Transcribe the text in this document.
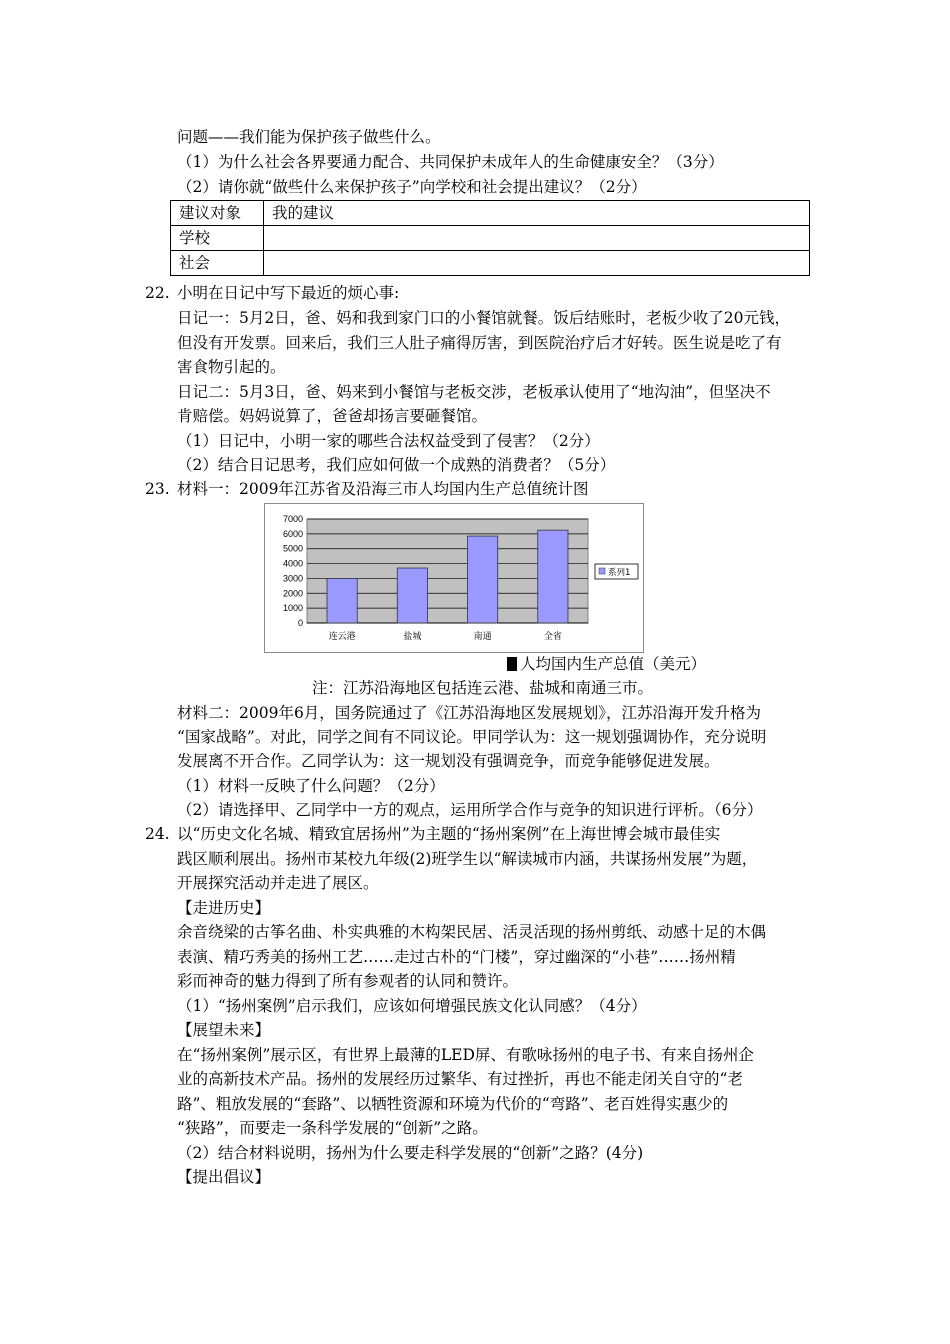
问题——我们能为保护孩子做些什么。
（1）为什么社会各界要通力配合、共同保护未成年人的生命健康安全？（3分）
（2）请你就“做些什么来保护孩子”向学校和社会提出建议？（2分）
建议对象	我的建议
学校	
社会	
22. 小明在日记中写下最近的烦心事:
日记一：5月2日，爸、妈和我到家门口的小餐馆就餐。饭后结账时，老板少收了20元钱，
但没有开发票。回来后，我们三人肚子痛得厉害，到医院治疗后才好转。医生说是吃了有
害食物引起的。
日记二：5月3日，爸、妈来到小餐馆与老板交涉，老板承认使用了“地沟油”，但坚决不
肯赔偿。妈妈说算了，爸爸却扬言要砸餐馆。
（1）日记中，小明一家的哪些合法权益受到了侵害？（2分）
（2）结合日记思考，我们应如何做一个成熟的消费者？（5分）
23. 材料一：2009年江苏省及沿海三市人均国内生产总值统计图
0
1000
2000
3000
4000
5000
6000
7000
连云港	盐城	南通	全省
系列1
人均国内生产总值（美元）
注：江苏沿海地区包括连云港、盐城和南通三市。
材料二：2009年6月，国务院通过了《江苏沿海地区发展规划》，江苏沿海开发升格为
“国家战略”。对此，同学之间有不同议论。甲同学认为：这一规划强调协作，充分说明
发展离不开合作。乙同学认为：这一规划没有强调竞争，而竞争能够促进发展。
（1）材料一反映了什么问题？（2分）
（2）请选择甲、乙同学中一方的观点，运用所学合作与竞争的知识进行评析。（6分）
24. 以“历史文化名城、精致宜居扬州”为主题的“扬州案例”在上海世博会城市最佳实
践区顺利展出。扬州市某校九年级(2)班学生以“解读城市内涵，共谋扬州发展”为题，
开展探究活动并走进了展区。
【走进历史】
余音绕梁的古筝名曲、朴实典雅的木构架民居、活灵活现的扬州剪纸、动感十足的木偶
表演、精巧秀美的扬州工艺……走过古朴的“门楼”，穿过幽深的“小巷”……扬州精
彩而神奇的魅力得到了所有参观者的认同和赞许。
（1）“扬州案例”启示我们，应该如何增强民族文化认同感？（4分）
【展望未来】
在“扬州案例”展示区，有世界上最薄的LED屏、有歌咏扬州的电子书、有来自扬州企
业的高新技术产品。扬州的发展经历过繁华、有过挫折，再也不能走闭关自守的“老
路”、粗放发展的“套路”、以牺牲资源和环境为代价的“弯路”、老百姓得实惠少的
“狭路”，而要走一条科学发展的“创新”之路。
（2）结合材料说明，扬州为什么要走科学发展的“创新”之路？(4分)
【提出倡议】
